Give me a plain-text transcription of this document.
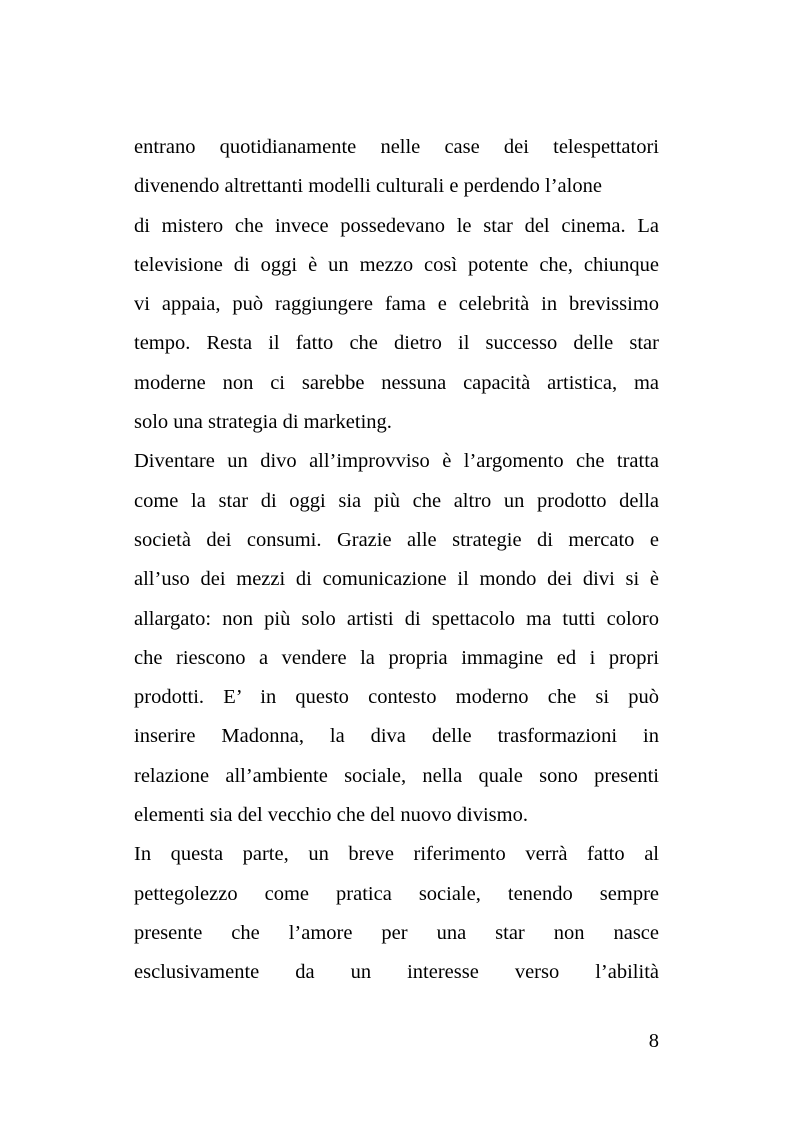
entrano quotidianamente nelle case dei telespettatori
divenendo altrettanti modelli culturali e perdendo l’alone
di mistero che invece possedevano le star del cinema. La
televisione di oggi è un mezzo così potente che, chiunque
vi appaia, può raggiungere fama e celebrità in brevissimo
tempo. Resta il fatto che dietro il successo delle star
moderne non ci sarebbe nessuna capacità artistica, ma
solo una strategia di marketing.
Diventare un divo all’improvviso è l’argomento che tratta
come la star di oggi sia più che altro un prodotto della
società dei consumi. Grazie alle strategie di mercato e
all’uso dei mezzi di comunicazione il mondo dei divi si è
allargato: non più solo artisti di spettacolo ma tutti coloro
che riescono a vendere la propria immagine ed i propri
prodotti. E’ in questo contesto moderno che si può
inserire Madonna, la diva delle trasformazioni in
relazione all’ambiente sociale, nella quale sono presenti
elementi sia del vecchio che del nuovo divismo.
In questa parte, un breve riferimento verrà fatto al
pettegolezzo come pratica sociale, tenendo sempre
presente che l’amore per una star non nasce
esclusivamente da un interesse verso l’abilità
8
